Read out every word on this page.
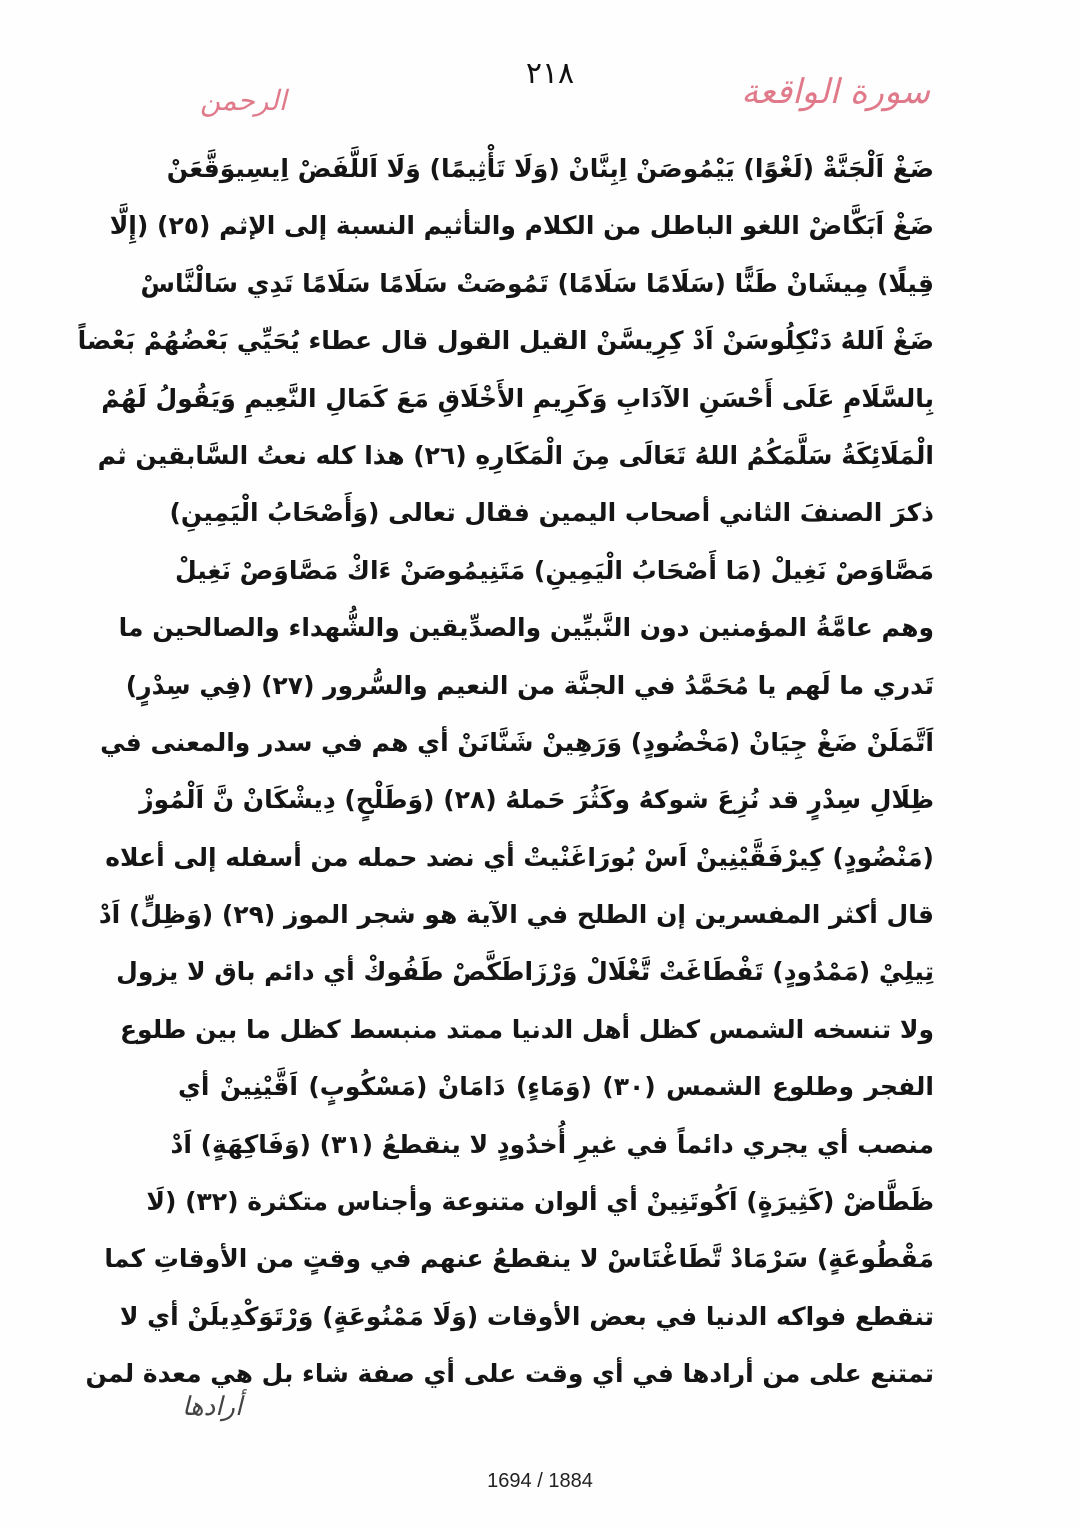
سورة الواقعة
٢١٨
الرحمن
ضَغْ اَلْجَنَّةْ (لَغْوًا) يَيْمُوصَنْ اِبِنَّانْ (وَلَا تَأْثِيمًا) وَلَا اَللَّفَضْ اِيسِيوَقَّعَنْ
ضَغْ اَبَكَّاضْ اللغو الباطل من الكلام والتأثيم النسبة إلى الإثم (٢٥) (إِلَّا
قِيلًا) مِيشَانْ طَنًّا (سَلَامًا سَلَامًا) تَمُوصَتْ سَلَامًا سَلَامًا تَدِي سَالْنَّاسْ
ضَغْ اَللهُ دَنْكِلُوسَنْ اَدْ كِرِيسَّنْ القيل القول قال عطاء يُحَيِّي بَعْضُهُمْ بَعْضاً
بِالسَّلَامِ عَلَى أَحْسَنِ الآدَابِ وَكَرِيمِ الأَخْلَاقِ مَعَ كَمَالِ النَّعِيمِ وَيَقُولُ لَهُمْ
الْمَلَائِكَةُ سَلَّمَكُمُ اللهُ تَعَالَى مِنَ الْمَكَارِهِ (٢٦) هذا كله نعتُ السَّابقين ثم
ذكرَ الصنفَ الثاني أصحاب اليمين فقال تعالى (وَأَصْحَابُ الْيَمِينِ)
مَصَّاوَصْ نَغِيلْ (مَا أَصْحَابُ الْيَمِينِ) مَتَنِيمُوصَنْ ءَاكْ مَصَّاوَصْ نَغِيلْ
وهم عامَّةُ المؤمنين دون النَّبيِّين والصدِّيقين والشُّهداء والصالحين ما
تَدري ما لَهم يا مُحَمَّدُ في الجنَّة من النعيم والسُّرور (٢٧) (فِي سِدْرٍ)
اَتَّمَلَنْ ضَغْ جِيَانْ (مَخْضُودٍ) وَرَهِينْ شَنَّانَنْ أي هم في سدر والمعنى في
ظِلَالِ سِدْرٍ قد نُزِعَ شوكهُ وكَثُرَ حَملهُ (٢٨) (وَطَلْحٍ) دِيشْكَانْ نَّ اَلْمُوزْ
(مَنْضُودٍ) كِيرْفَقَّيْنِينْ اَسْ بُورَاغَنْيتْ أي نضد حمله من أسفله إلى أعلاه
قال أكثر المفسرين إن الطلح في الآية هو شجر الموز (٢٩) (وَظِلٍّ) اَدْ
تِيلِيْ (مَمْدُودٍ) تَفْطَاغَتْ تَّغْلَالْ وَرْزَاطَكَّصْ طَفُوكْ أي دائم باق لا يزول
ولا تنسخه الشمس كظل أهل الدنيا ممتد منبسط كظل ما بين طلوع
الفجر وطلوع الشمس (٣٠) (وَمَاءٍ) دَامَانْ (مَسْكُوبٍ) اَقَّيْنِينْ أي
منصب أي يجري دائماً في غيرِ أُخدُودٍ لا ينقطعُ (٣١) (وَفَاكِهَةٍ) اَدْ
ظَطَّاضْ (كَثِيرَةٍ) اَكُوتَنِينْ أي ألوان متنوعة وأجناس متكثرة (٣٢) (لَا
مَقْطُوعَةٍ) سَرْمَادْ تَّطَاغْتَاسْ لا ينقطعُ عنهم في وقتٍ من الأوقاتِ كما
تنقطع فواكه الدنيا في بعض الأوقات (وَلَا مَمْنُوعَةٍ) وَرْتَوَكْدِيلَنْ أي لا
تمتنع على من أرادها في أي وقت على أي صفة شاء بل هي معدة لمن
أرادها
1694 / 1884
